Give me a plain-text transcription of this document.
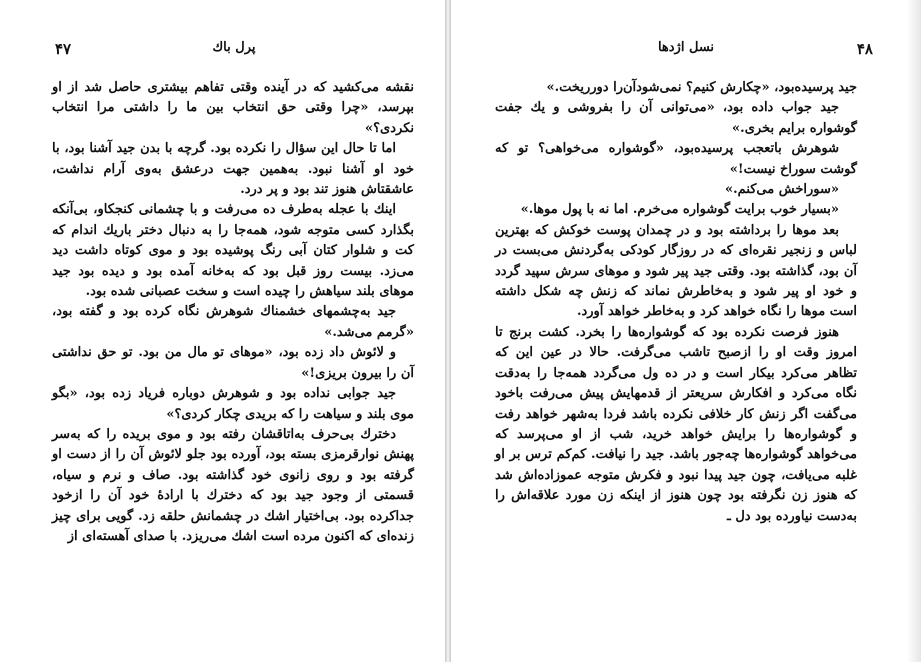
۴۷	پرل باك

نقشه می‌کشید که در آینده وقتی تفاهم بیشتری حاصل شد از او بپرسد، «چرا وقتی حق انتخاب بین ما را داشتی مرا انتخاب نکردی؟»

اما تا حال این سؤال را نکرده بود. گرچه با بدن جید آشنا بود، با خود او آشنا نبود. به‌همین جهت درعشق به‌وی آرام نداشت، عاشقتاش هنوز تند بود و پر درد.

اینك با عجله به‌طرف ده می‌رفت و با چشمانی کنجکاو، بی‌آنکه بگذارد کسی متوجه شود، همه‌جا را به دنبال دختر باریك اندام که کت و شلوار کتان آبی رنگ پوشیده بود و موی کوتاه داشت دید می‌زد. بیست روز قبل بود که به‌خانه آمده بود و دیده بود جید موهای بلند سیاهش را چیده است و سخت عصبانی شده بود.

جید به‌چشمهای خشمناك شوهرش نگاه کرده بود و گفته بود، «گرمم می‌شد.»

و لائوش داد زده بود، «موهای تو مال من بود. تو حق نداشتی آن را بیرون بریزی!»

جید جوابی نداده بود و شوهرش دوباره فریاد زده بود، «بگو موی بلند و سیاهت را که بریدی چکار کردی؟»

دخترك بی‌حرف به‌اتاقشان رفته بود و موی بریده را که به‌سر پهنش نوارقرمزی بسته بود، آورده بود جلو لائوش آن را از دست او گرفته بود و روی زانوی خود گذاشته بود. صاف و نرم و سیاه، قسمتی از وجود جید بود که دخترك با ارادهٔ خود آن را ازخود جداکرده بود. بی‌اختیار اشك در چشمانش حلقه زد. گویی برای چیز زنده‌ای که اکنون مرده است اشك می‌ریزد. با صدای آهسته‌ای از

۴۸
نسل اژدها

جید پرسیده‌بود، «چکارش کنیم؟ نمی‌شودآن‌را دورریخت.»

جید جواب داده بود، «می‌توانی آن را بفروشی و یك جفت گوشواره برایم بخری.»

شوهرش باتعجب پرسیده‌بود، «گوشواره می‌خواهی؟ تو که گوشت سوراخ نیست!»

«سوراخش می‌کنم.»

«بسیار خوب برایت گوشواره می‌خرم. اما نه با پول موها.»

بعد موها را برداشته بود و در چمدان پوست خوکش که بهترین لباس و زنجیر نقره‌ای که در روزگار کودکی به‌گردنش می‌بست در آن بود، گذاشته بود. وقتی جید پیر شود و موهای سرش سپید گردد و خود او پیر شود و به‌خاطرش نماند که زنش چه شکل داشته است موها را نگاه خواهد کرد و به‌خاطر خواهد آورد.

هنوز فرصت نکرده بود که گوشواره‌ها را بخرد. کشت برنج تا امروز وقت او را ازصبح تاشب می‌گرفت. حالا در عین این که تظاهر می‌کرد بیکار است و در ده ول می‌گردد همه‌جا را به‌دقت نگاه می‌کرد و افکارش سریعتر از قدمهایش پیش می‌رفت باخود می‌گفت اگر زنش کار خلافی نکرده باشد فردا به‌شهر خواهد رفت و گوشواره‌ها را برایش خواهد خرید، شب از او می‌پرسد که می‌خواهد گوشواره‌ها چه‌جور باشد. جید را نیافت. کم‌کم ترس بر او غلبه می‌یافت، چون جید پیدا نبود و فکرش متوجه عموزاده‌اش شد که هنوز زن نگرفته بود چون هنوز از اینکه زن مورد علاقه‌اش را به‌دست نیاورده بود دل ـ
